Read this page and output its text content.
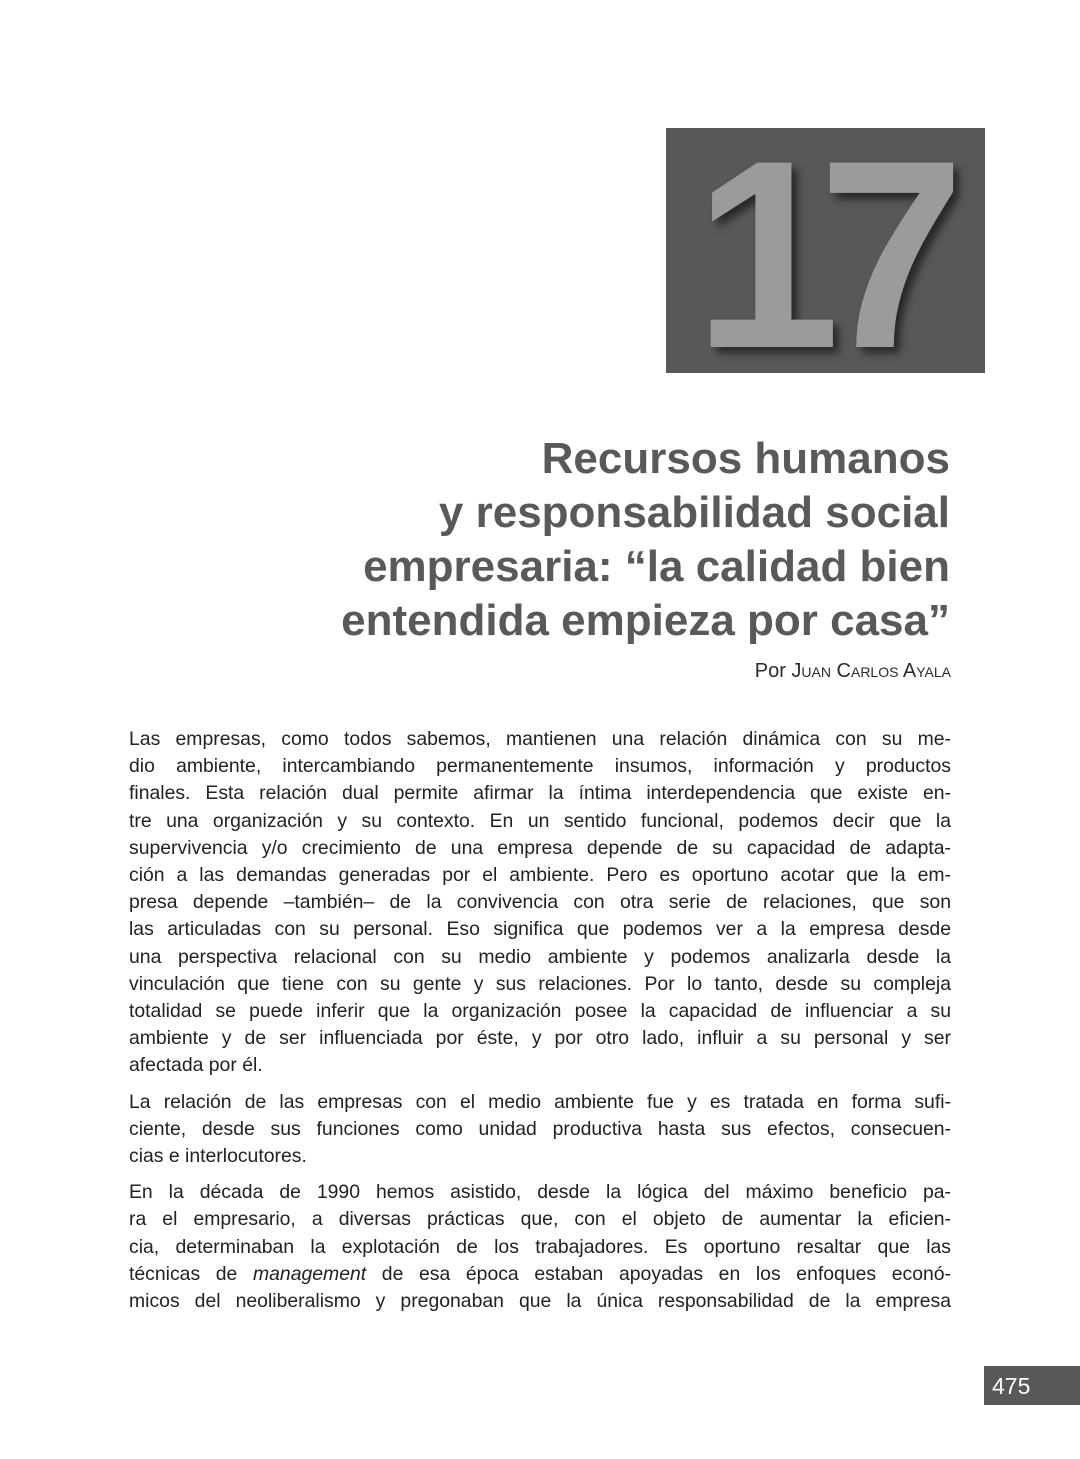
17
Recursos humanos
y responsabilidad social
empresaria: “la calidad bien
entendida empieza por casa”
Por Juan Carlos Ayala
Las empresas, como todos sabemos, mantienen una relación dinámica con su me-
dio ambiente, intercambiando permanentemente insumos, información y productos
finales. Esta relación dual permite afirmar la íntima interdependencia que existe en-
tre una organización y su contexto. En un sentido funcional, podemos decir que la
supervivencia y/o crecimiento de una empresa depende de su capacidad de adapta-
ción a las demandas generadas por el ambiente. Pero es oportuno acotar que la em-
presa depende –también– de la convivencia con otra serie de relaciones, que son
las articuladas con su personal. Eso significa que podemos ver a la empresa desde
una perspectiva relacional con su medio ambiente y podemos analizarla desde la
vinculación que tiene con su gente y sus relaciones. Por lo tanto, desde su compleja
totalidad se puede inferir que la organización posee la capacidad de influenciar a su
ambiente y de ser influenciada por éste, y por otro lado, influir a su personal y ser
afectada por él.
La relación de las empresas con el medio ambiente fue y es tratada en forma sufi-
ciente, desde sus funciones como unidad productiva hasta sus efectos, consecuen-
cias e interlocutores.
En la década de 1990 hemos asistido, desde la lógica del máximo beneficio pa-
ra el empresario, a diversas prácticas que, con el objeto de aumentar la eficien-
cia, determinaban la explotación de los trabajadores. Es oportuno resaltar que las
técnicas de management de esa época estaban apoyadas en los enfoques econó-
micos del neoliberalismo y pregonaban que la única responsabilidad de la empresa
475
